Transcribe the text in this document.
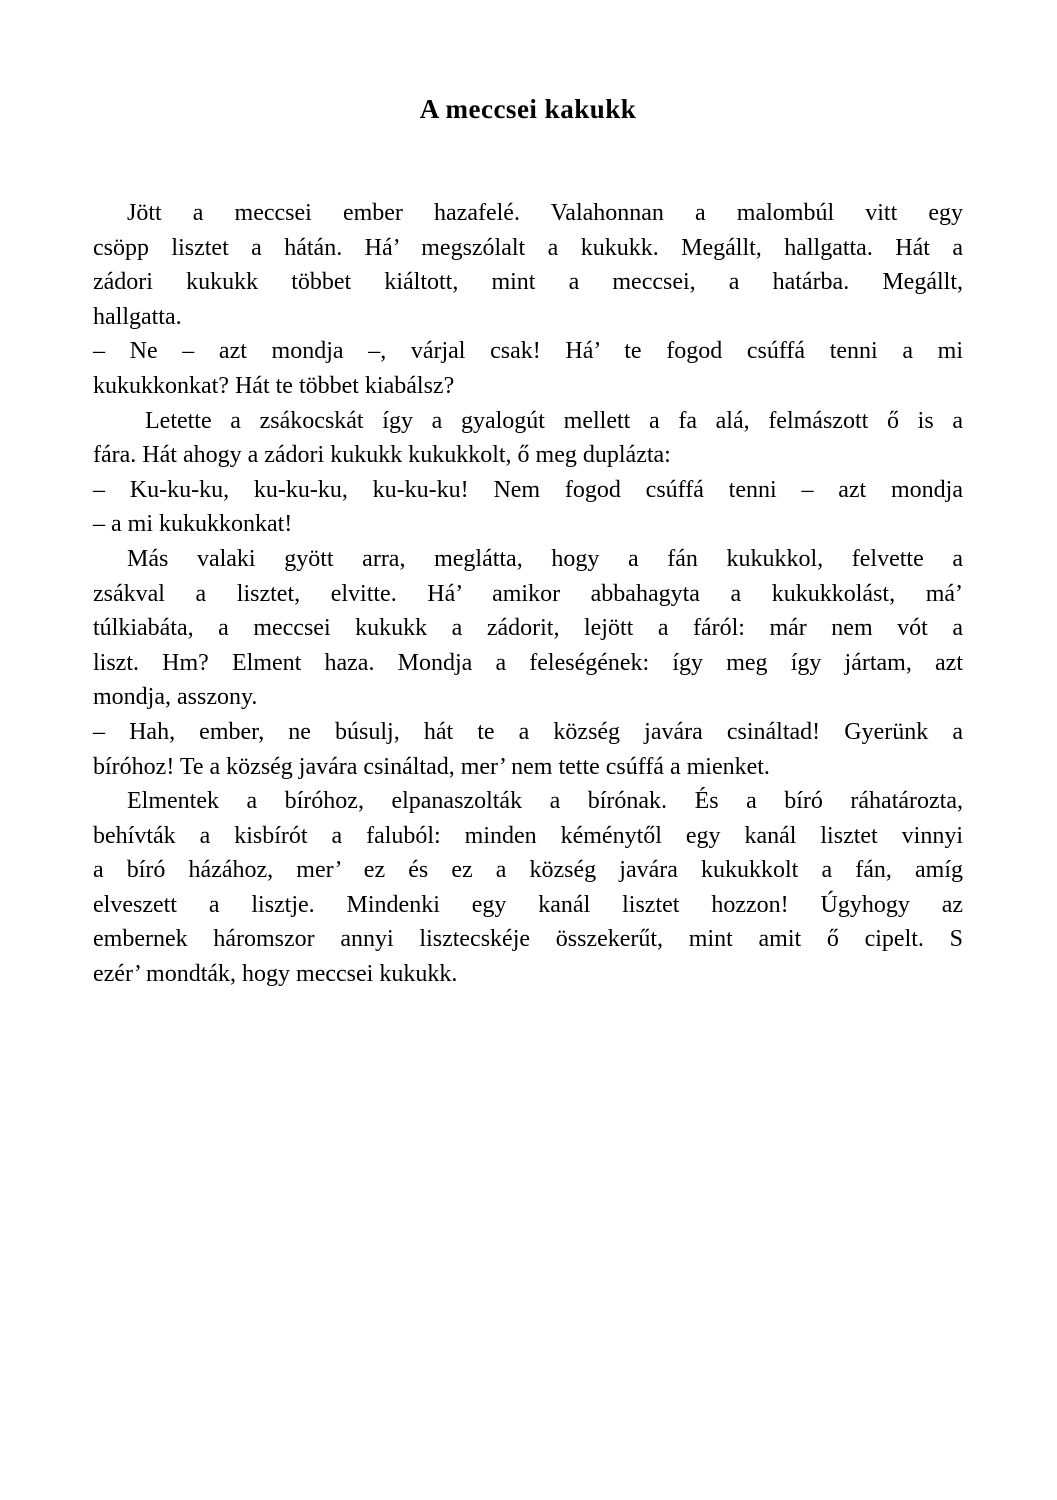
A meccsei kakukk
Jött a meccsei ember hazafelé. Valahonnan a malombúl vitt egy
csöpp lisztet a hátán. Há’ megszólalt a kukukk. Megállt, hallgatta. Hát a
zádori kukukk többet kiáltott, mint a meccsei, a határba. Megállt,
hallgatta.
– Ne – azt mondja –, várjal csak! Há’ te fogod csúffá tenni a mi
kukukkonkat? Hát te többet kiabálsz?
Letette a zsákocskát így a gyalogút mellett a fa alá, felmászott ő is a
fára. Hát ahogy a zádori kukukk kukukkolt, ő meg duplázta:
– Ku-ku-ku, ku-ku-ku, ku-ku-ku! Nem fogod csúffá tenni – azt mondja
– a mi kukukkonkat!
Más valaki gyött arra, meglátta, hogy a fán kukukkol, felvette a
zsákval a lisztet, elvitte. Há’ amikor abbahagyta a kukukkolást, má’
túlkiabáta, a meccsei kukukk a zádorit, lejött a fáról: már nem vót a
liszt. Hm? Elment haza. Mondja a feleségének: így meg így jártam, azt
mondja, asszony.
– Hah, ember, ne búsulj, hát te a község javára csináltad! Gyerünk a
bíróhoz! Te a község javára csináltad, mer’ nem tette csúffá a mienket.
Elmentek a bíróhoz, elpanaszolták a bírónak. És a bíró ráhatározta,
behívták a kisbírót a faluból: minden kéménytől egy kanál lisztet vinnyi
a bíró házához, mer’ ez és ez a község javára kukukkolt a fán, amíg
elveszett a lisztje. Mindenki egy kanál lisztet hozzon! Úgyhogy az
embernek háromszor annyi lisztecskéje összekerűt, mint amit ő cipelt. S
ezér’ mondták, hogy meccsei kukukk.
